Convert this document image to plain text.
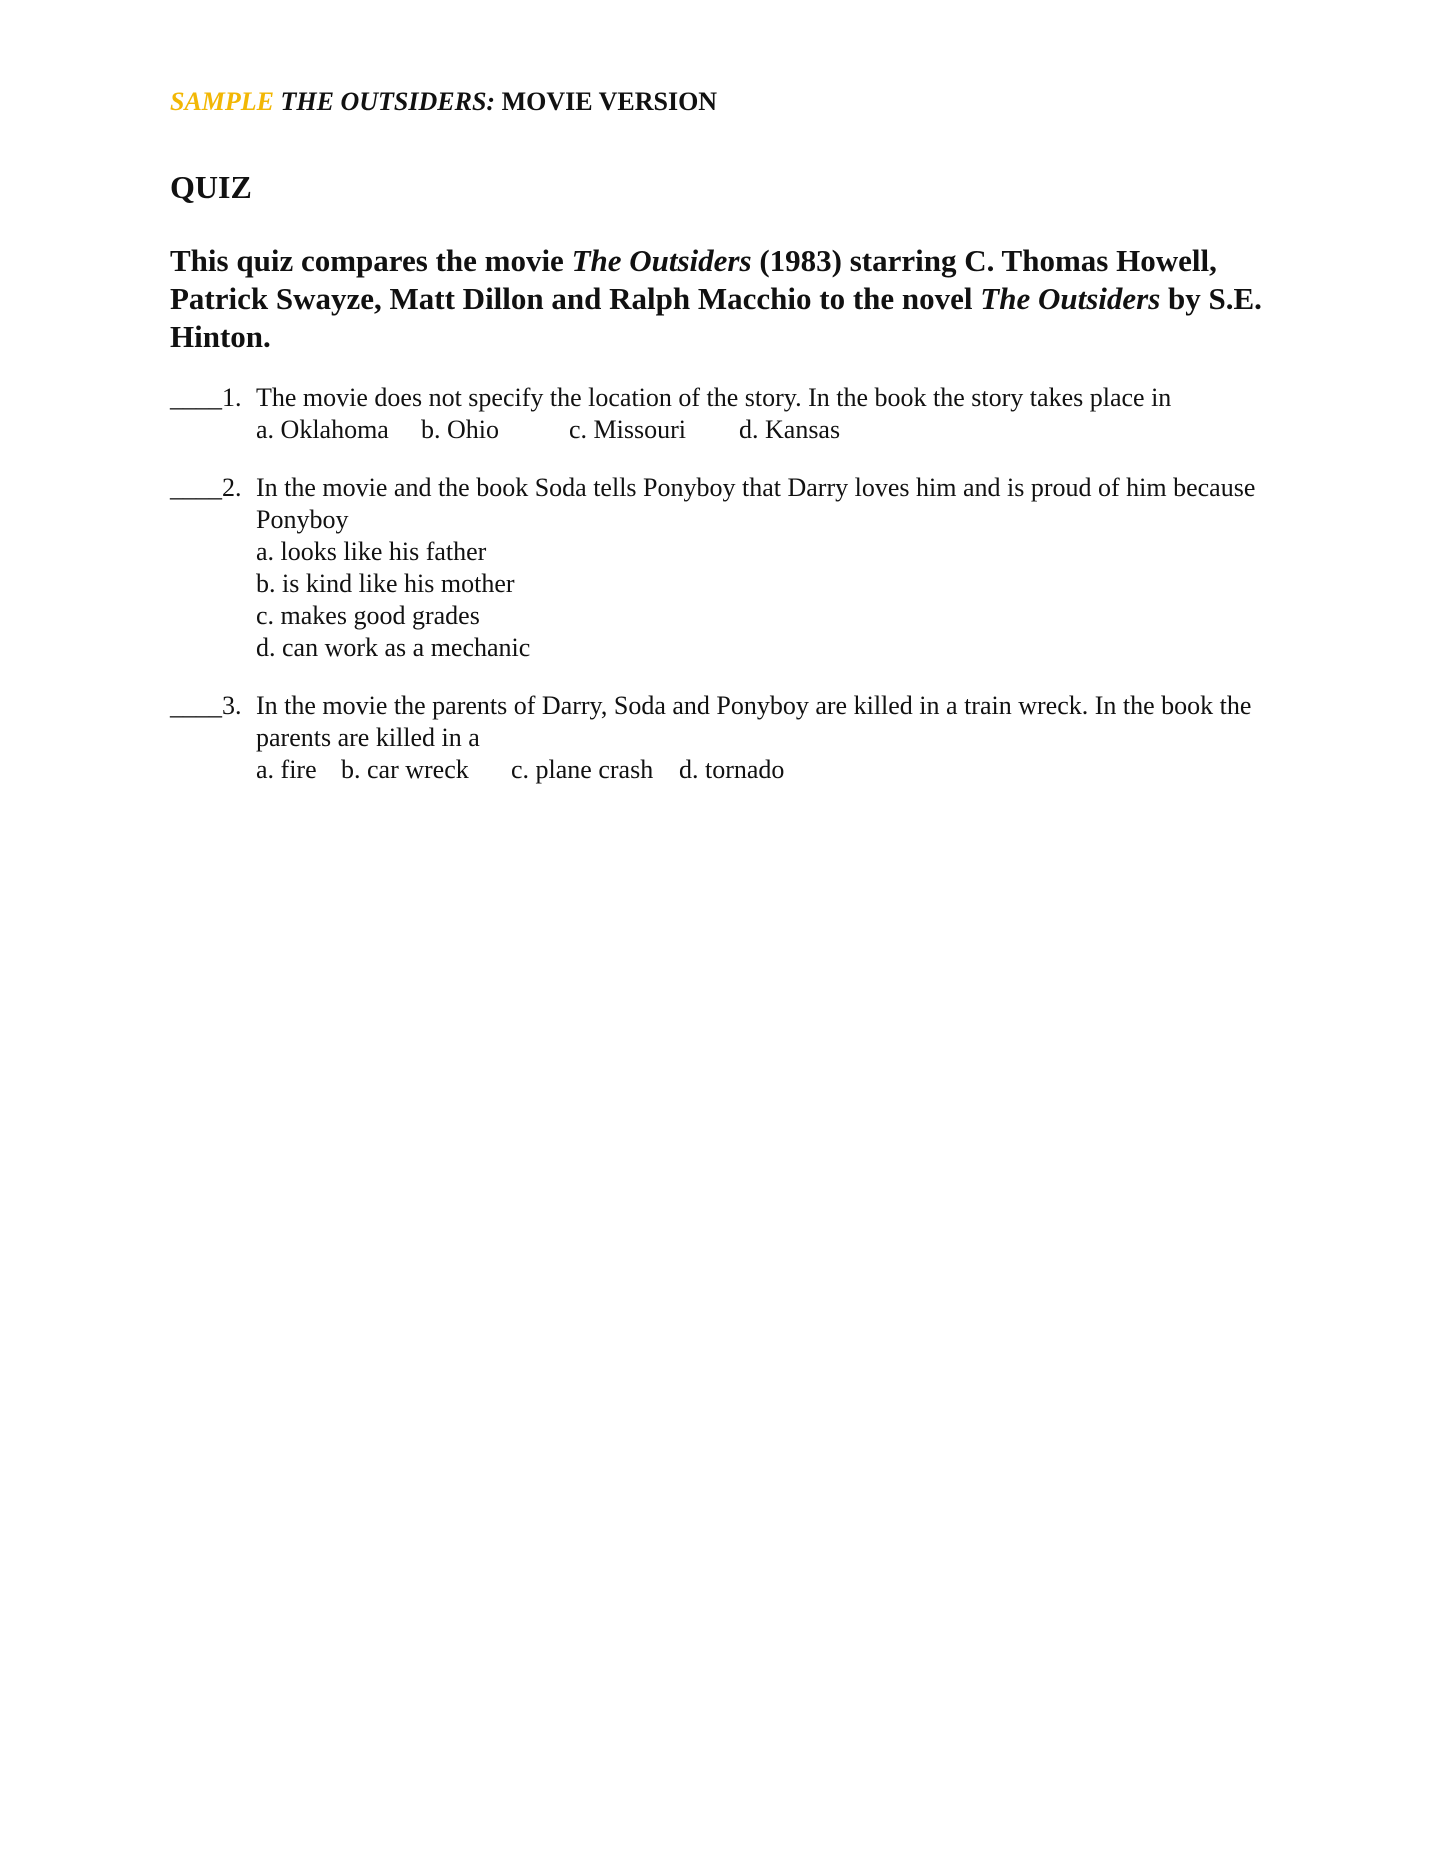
SAMPLE THE OUTSIDERS: MOVIE VERSION
QUIZ
This quiz compares the movie The Outsiders (1983) starring C. Thomas Howell, Patrick Swayze, Matt Dillon and Ralph Macchio to the novel The Outsiders by S.E. Hinton.
____1. The movie does not specify the location of the story. In the book the story takes place in
a. Oklahoma	b. Ohio	c. Missouri	d. Kansas
____2. In the movie and the book Soda tells Ponyboy that Darry loves him and is proud of him because Ponyboy
a. looks like his father
b. is kind like his mother
c. makes good grades
d. can work as a mechanic
____3. In the movie the parents of Darry, Soda and Ponyboy are killed in a train wreck. In the book the parents are killed in a
a. fire b. car wreck	c. plane crash d. tornado
